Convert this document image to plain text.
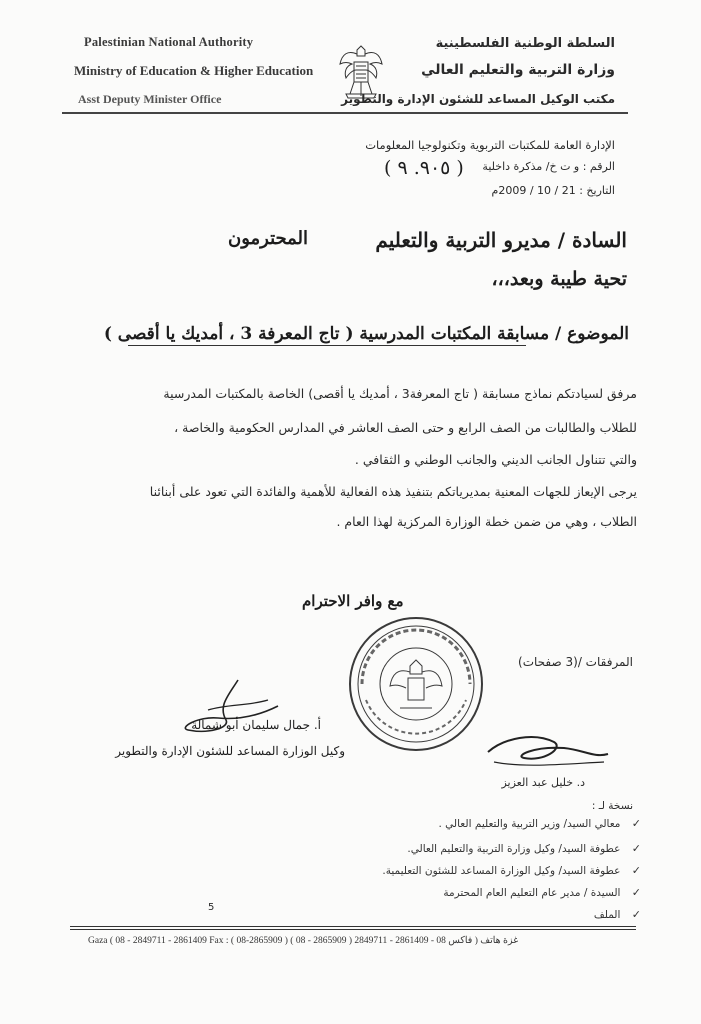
Palestinian National Authority
Ministry of Education & Higher Education
Asst Deputy Minister Office
السلطة الوطنية الفلسطينية
وزارة التربية والتعليم العالي
مكتب الوكيل المساعد للشئون الإدارة والتطوير
الإدارة العامة للمكتبات التربوية وتكنولوجيا المعلومات
الرقم : و ت خ/ مذكرة داخلية
( ٩٠٥. ٩ )
التاريخ : 21 / 10 / 2009م
السادة / مديرو التربية والتعليم
المحترمون
تحية طيبة وبعد،،،
الموضوع / مسابقة المكتبات المدرسية ( تاج المعرفة 3 ، أمديك يا أقصى )
مرفق لسيادتكم نماذج مسابقة ( تاج المعرفة3 ، أمديك يا أقصى) الخاصة بالمكتبات المدرسية
للطلاب والطالبات من الصف الرابع و حتى الصف العاشر في المدارس الحكومية والخاصة ،
والتي تتناول الجانب الديني والجانب الوطني و الثقافي .
يرجى الإيعاز للجهات المعنية بمديرياتكم بتنفيذ هذه الفعالية للأهمية والفائدة التي تعود على أبنائنا
الطلاب ، وهي من ضمن خطة الوزارة المركزية لهذا العام .
مع وافر الاحترام
المرفقات /(3 صفحات)
أ. جمال سليمان أبو شمالة
وكيل الوزارة المساعد للشئون الإدارة والتطوير
د. خليل عبد العزيز
نسخة لـ :
✓ معالي السيد/ وزير التربية والتعليم العالي .
✓ عطوفة السيد/ وكيل وزارة التربية والتعليم العالي.
✓ عطوفة السيد/ وكيل الوزارة المساعد للشئون التعليمية.
✓ السيدة / مدير عام التعليم العام المحترمة
✓ الملف
5
Gaza ( 08 - 2849711 - 2861409 Fax : ( 08-2865909 ) ( 08 - 2865909 ) فاكس 08 - 2861409 - 2849711 ) غزة هاتف
